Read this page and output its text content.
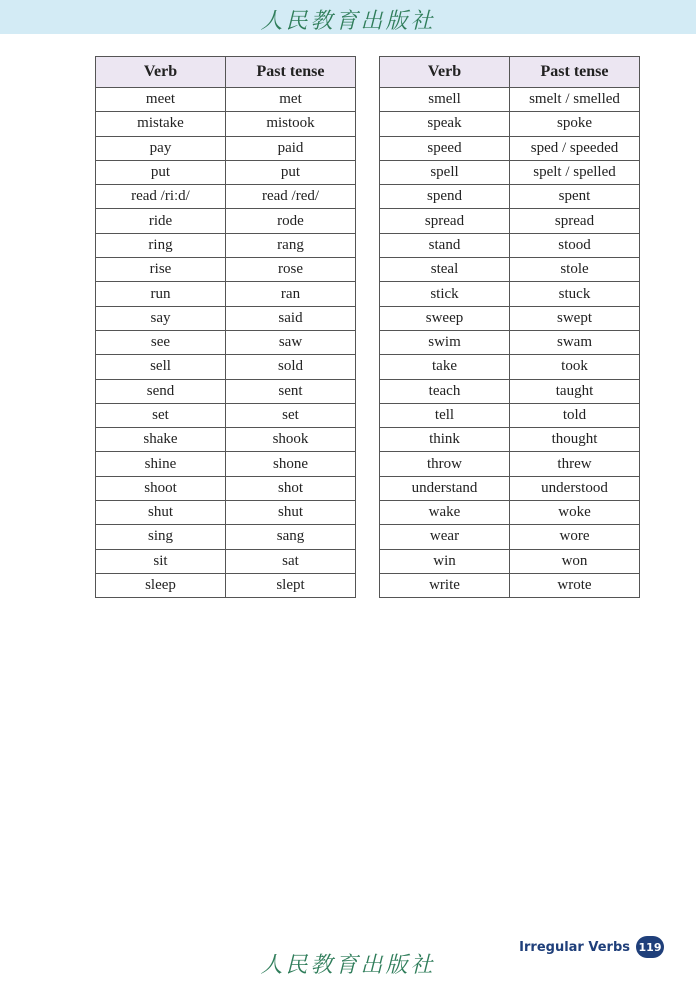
人民教育出版社
Verb	Past tense
meet	met
mistake	mistook
pay	paid
put	put
read /riːd/	read /red/
ride	rode
ring	rang
rise	rose
run	ran
say	said
see	saw
sell	sold
send	sent
set	set
shake	shook
shine	shone
shoot	shot
shut	shut
sing	sang
sit	sat
sleep	slept
Verb	Past tense
smell	smelt / smelled
speak	spoke
speed	sped / speeded
spell	spelt / spelled
spend	spent
spread	spread
stand	stood
steal	stole
stick	stuck
sweep	swept
swim	swam
take	took
teach	taught
tell	told
think	thought
throw	threw
understand	understood
wake	woke
wear	wore
win	won
write	wrote
Irregular Verbs 119
人民教育出版社
